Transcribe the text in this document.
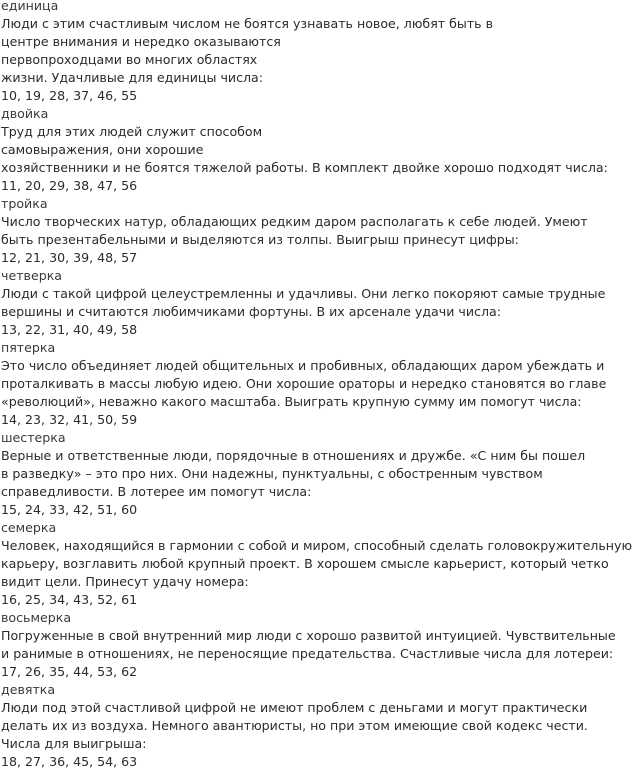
единица
Люди с этим счастливым числом не боятся узнавать новое, любят быть в
центре внимания и нередко оказываются
первопроходцами во многих областях
жизни. Удачливые для единицы числа:
10, 19, 28, 37, 46, 55
двойка
Труд для этих людей служит способом
самовыражения, они хорошие
хозяйственники и не боятся тяжелой работы. В комплект двойке хорошо подходят числа:
11, 20, 29, 38, 47, 56
тройка
Число творческих натур, обладающих редким даром располагать к себе людей. Умеют
быть презентабельными и выделяются из толпы. Выигрыш принесут цифры:
12, 21, 30, 39, 48, 57
четверка
Люди с такой цифрой целеустремленны и удачливы. Они легко покоряют самые трудные
вершины и считаются любимчиками фортуны. В их арсенале удачи числа:
13, 22, 31, 40, 49, 58
пятерка
Это число объединяет людей общительных и пробивных, обладающих даром убеждать и
проталкивать в массы любую идею. Они хорошие ораторы и нередко становятся во главе
«революций», неважно какого масштаба. Выиграть крупную сумму им помогут числа:
14, 23, 32, 41, 50, 59
шестерка
Верные и ответственные люди, порядочные в отношениях и дружбе. «С ним бы пошел
в разведку» – это про них. Они надежны, пунктуальны, с обостренным чувством
справедливости. В лотерее им помогут числа:
15, 24, 33, 42, 51, 60
семерка
Человек, находящийся в гармонии с собой и миром, способный сделать головокружительную
карьеру, возглавить любой крупный проект. В хорошем смысле карьерист, который четко
видит цели. Принесут удачу номера:
16, 25, 34, 43, 52, 61
восьмерка
Погруженные в свой внутренний мир люди с хорошо развитой интуицией. Чувствительные
и ранимые в отношениях, не переносящие предательства. Счастливые числа для лотереи:
17, 26, 35, 44, 53, 62
девятка
Люди под этой счастливой цифрой не имеют проблем с деньгами и могут практически
делать их из воздуха. Немного авантюристы, но при этом имеющие свой кодекс чести.
Числа для выигрыша:
18, 27, 36, 45, 54, 63
